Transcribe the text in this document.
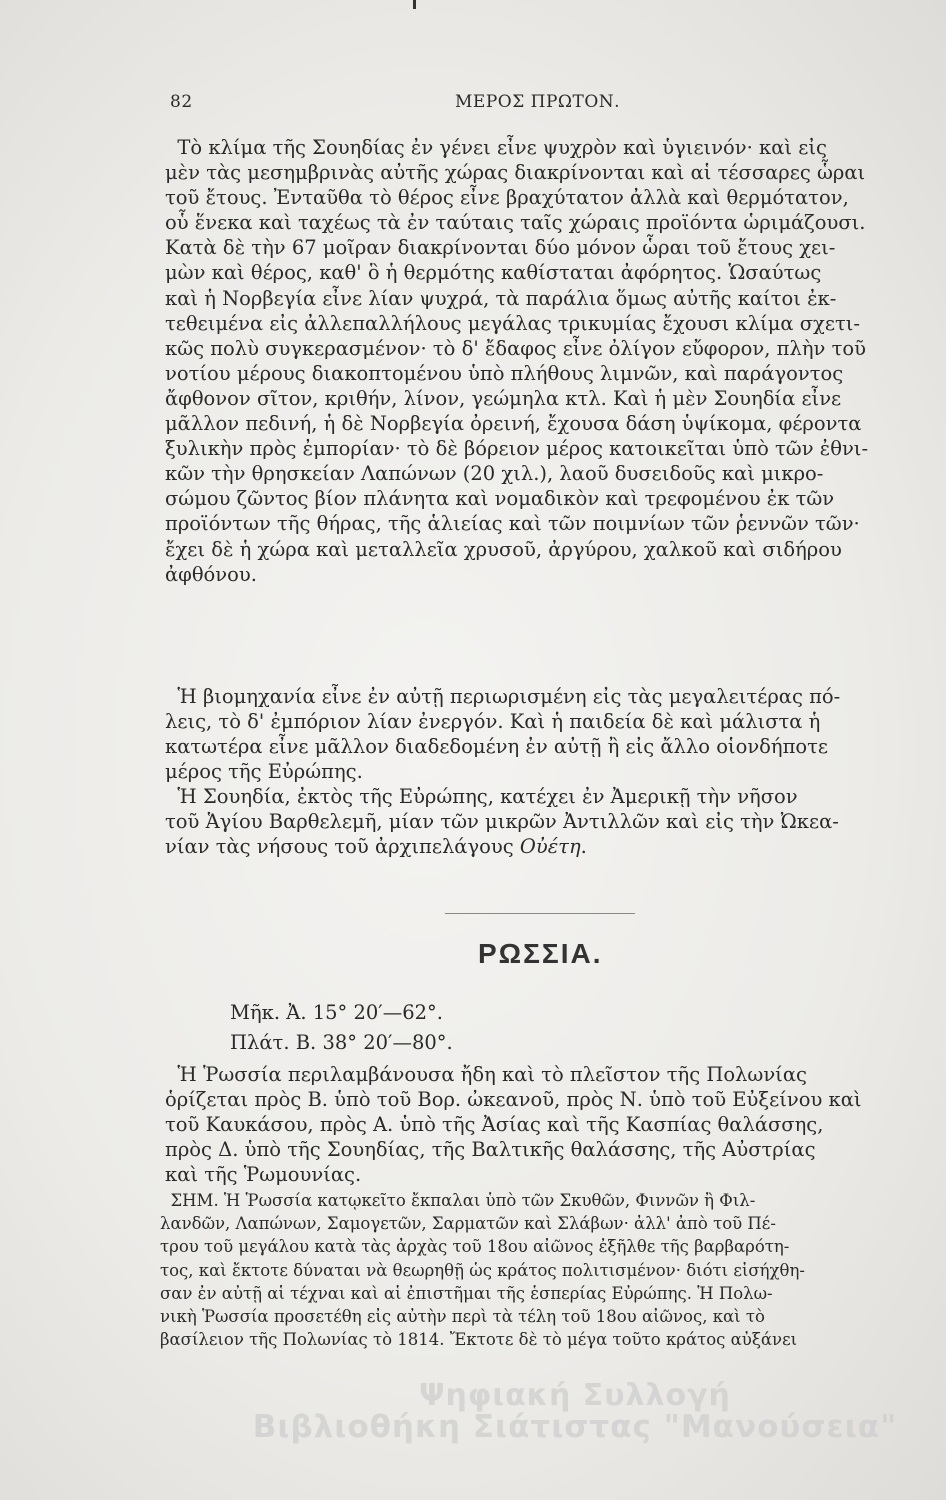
82	ΜΕΡΟΣ ΠΡΩΤΟΝ.
Τὸ κλίμα τῆς Σουηδίας ἐν γένει εἶνε ψυχρὸν καὶ ὑγιεινόν· καὶ εἰς
μὲν τὰς μεσημβρινὰς αὐτῆς χώρας διακρίνονται καὶ αἱ τέσσαρες ὧραι
τοῦ ἔτους. Ἐνταῦθα τὸ θέρος εἶνε βραχύτατον ἀλλὰ καὶ θερμότατον,
οὗ ἕνεκα καὶ ταχέως τὰ ἐν ταύταις ταῖς χώραις προϊόντα ὡριμάζουσι.
Κατὰ δὲ τὴν 67 μοῖραν διακρίνονται δύο μόνον ὧραι τοῦ ἔτους χει-
μὼν καὶ θέρος, καθ' ὃ ἡ θερμότης καθίσταται ἀφόρητος. Ὡσαύτως
καὶ ἡ Νορβεγία εἶνε λίαν ψυχρά, τὰ παράλια ὅμως αὐτῆς καίτοι ἐκ-
τεθειμένα εἰς ἀλλεπαλλήλους μεγάλας τρικυμίας ἔχουσι κλίμα σχετι-
κῶς πολὺ συγκερασμένον· τὸ δ' ἔδαφος εἶνε ὀλίγον εὔφορον, πλὴν τοῦ
νοτίου μέρους διακοπτομένου ὑπὸ πλήθους λιμνῶν, καὶ παράγοντος
ἄφθονον σῖτον, κριθήν, λίνον, γεώμηλα κτλ. Καὶ ἡ μὲν Σουηδία εἶνε
μᾶλλον πεδινή, ἡ δὲ Νορβεγία ὀρεινή, ἔχουσα δάση ὑψίκομα, φέροντα
ξυλικὴν πρὸς ἐμπορίαν· τὸ δὲ βόρειον μέρος κατοικεῖται ὑπὸ τῶν ἐθνι-
κῶν τὴν θρησκείαν Λαπώνων (20 χιλ.), λαοῦ δυσειδοῦς καὶ μικρο-
σώμου ζῶντος βίον πλάνητα καὶ νομαδικὸν καὶ τρεφομένου ἐκ τῶν
προϊόντων τῆς θήρας, τῆς ἁλιείας καὶ τῶν ποιμνίων τῶν ῥεννῶν τῶν·
ἔχει δὲ ἡ χώρα καὶ μεταλλεῖα χρυσοῦ, ἀργύρου, χαλκοῦ καὶ σιδήρου
ἀφθόνου.
Ἡ βιομηχανία εἶνε ἐν αὐτῇ περιωρισμένη εἰς τὰς μεγαλειτέρας πό-
λεις, τὸ δ' ἐμπόριον λίαν ἐνεργόν. Καὶ ἡ παιδεία δὲ καὶ μάλιστα ἡ
κατωτέρα εἶνε μᾶλλον διαδεδομένη ἐν αὐτῇ ἢ εἰς ἄλλο οἱονδήποτε
μέρος τῆς Εὐρώπης.
Ἡ Σουηδία, ἐκτὸς τῆς Εὐρώπης, κατέχει ἐν Ἀμερικῇ τὴν νῆσον
τοῦ Ἁγίου Βαρθελεμῆ, μίαν τῶν μικρῶν Ἀντιλλῶν καὶ εἰς τὴν Ὠκεα-
νίαν τὰς νήσους τοῦ ἀρχιπελάγους Οὐέτη.
ΡΩΣΣΙΑ.
Μῆκ. Ἀ. 15° 20′—62°.
Πλάτ. Β. 38° 20′—80°.
Ἡ Ῥωσσία περιλαμβάνουσα ἤδη καὶ τὸ πλεῖστον τῆς Πολωνίας
ὁρίζεται πρὸς Β. ὑπὸ τοῦ Βορ. ὠκεανοῦ, πρὸς Ν. ὑπὸ τοῦ Εὐξείνου καὶ
τοῦ Καυκάσου, πρὸς Α. ὑπὸ τῆς Ἀσίας καὶ τῆς Κασπίας θαλάσσης,
πρὸς Δ. ὑπὸ τῆς Σουηδίας, τῆς Βαλτικῆς θαλάσσης, τῆς Αὐστρίας
καὶ τῆς Ῥωμουνίας.
ΣΗΜ. Ἡ Ῥωσσία κατῳκεῖτο ἔκπαλαι ὑπὸ τῶν Σκυθῶν, Φιννῶν ἢ Φιλ-
λανδῶν, Λαπώνων, Σαμογετῶν, Σαρματῶν καὶ Σλάβων· ἀλλ' ἀπὸ τοῦ Πέ-
τρου τοῦ μεγάλου κατὰ τὰς ἀρχὰς τοῦ 18ου αἰῶνος ἐξῆλθε τῆς βαρβαρότη-
τος, καὶ ἔκτοτε δύναται νὰ θεωρηθῇ ὡς κράτος πολιτισμένον· διότι εἰσήχθη-
σαν ἐν αὐτῇ αἱ τέχναι καὶ αἱ ἐπιστῆμαι τῆς ἑσπερίας Εὐρώπης. Ἡ Πολω-
νικὴ Ῥωσσία προσετέθη εἰς αὐτὴν περὶ τὰ τέλη τοῦ 18ου αἰῶνος, καὶ τὸ
βασίλειον τῆς Πολωνίας τὸ 1814. Ἔκτοτε δὲ τὸ μέγα τοῦτο κράτος αὐξάνει
Ψηφιακή Συλλογή
Βιβλιοθήκη Σιάτιστας "Μανούσεια"
